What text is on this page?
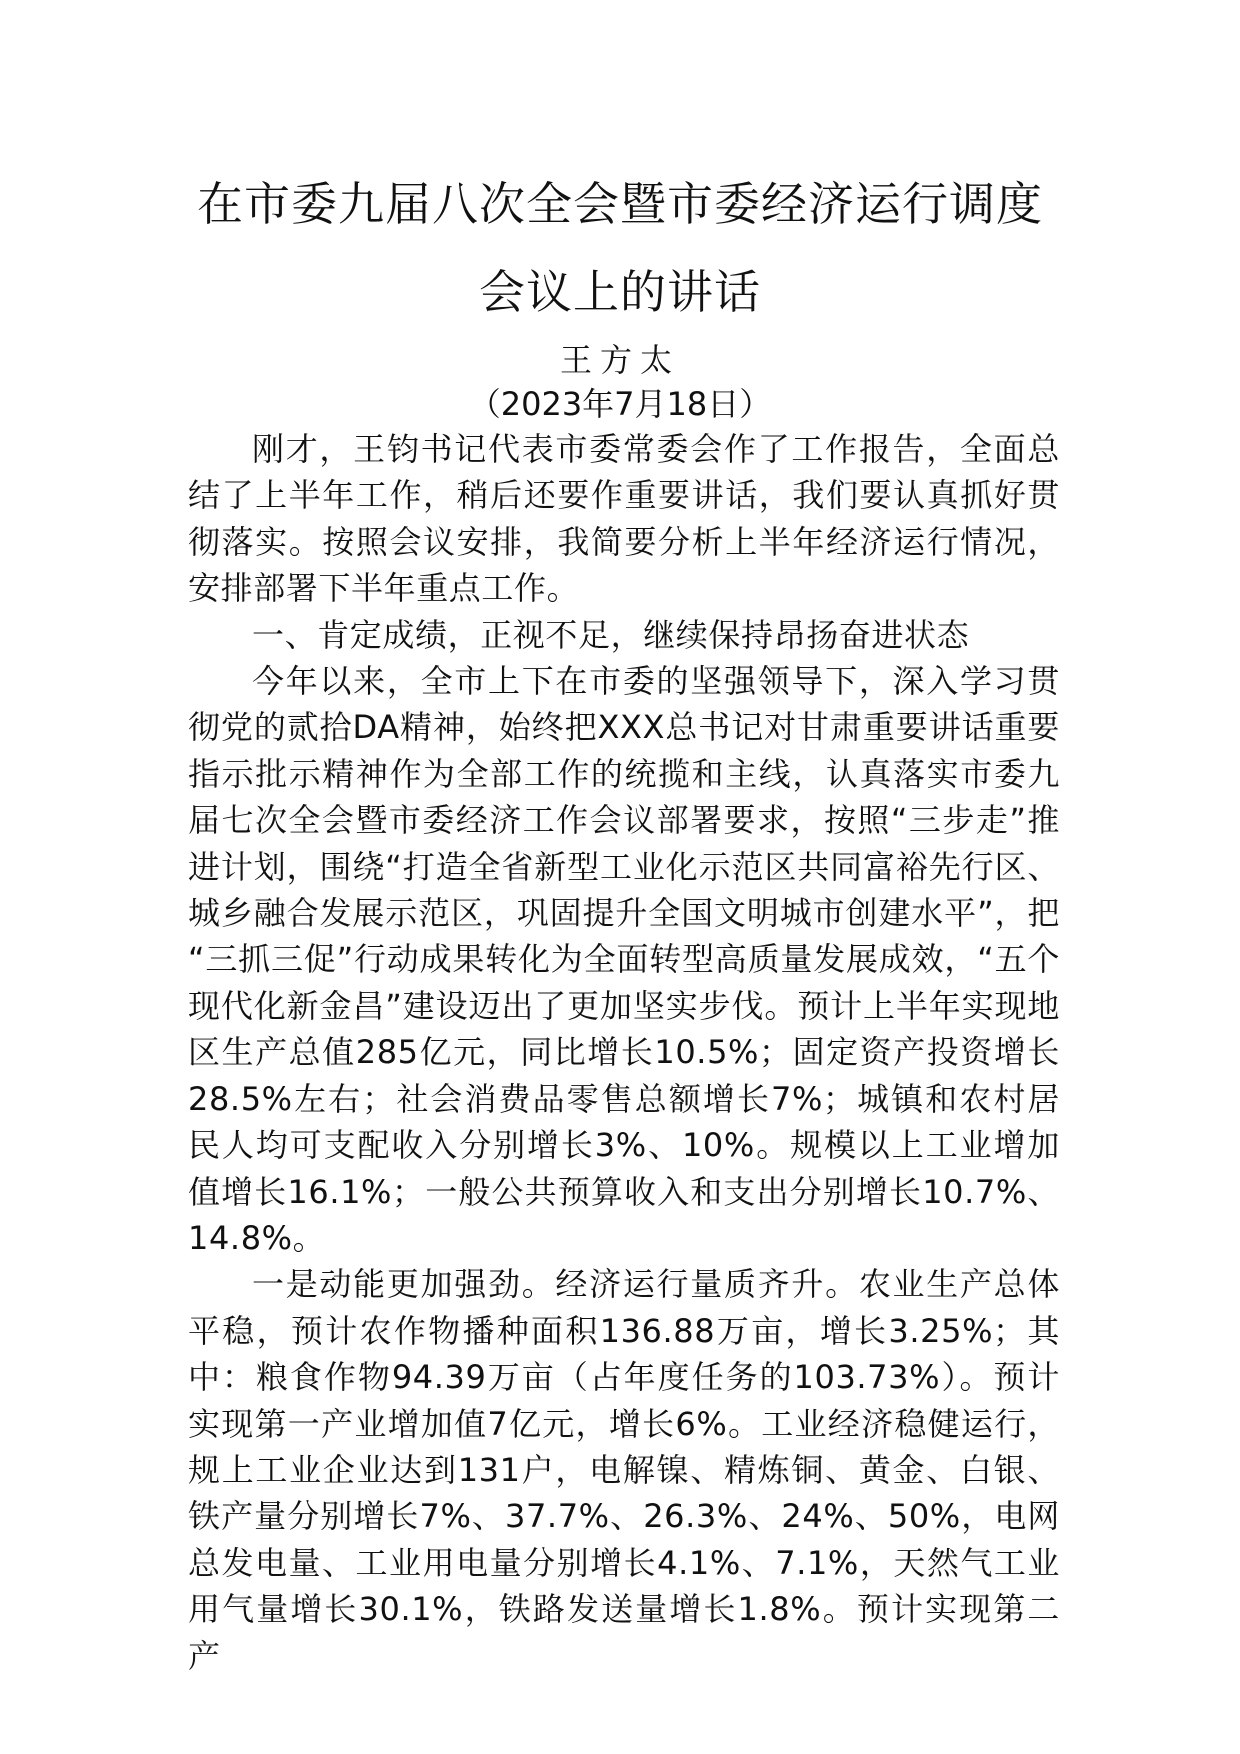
在市委九届八次全会暨市委经济运行调度
会议上的讲话
王方太
（2023年7月18日）

刚才，王钧书记代表市委常委会作了工作报告，全面总结了上半年工作，稍后还要作重要讲话，我们要认真抓好贯彻落实。按照会议安排，我简要分析上半年经济运行情况，安排部署下半年重点工作。

一、肯定成绩，正视不足，继续保持昂扬奋进状态

今年以来，全市上下在市委的坚强领导下，深入学习贯彻党的贰拾DA精神，始终把XXX总书记对甘肃重要讲话重要指示批示精神作为全部工作的统揽和主线，认真落实市委九届七次全会暨市委经济工作会议部署要求，按照“三步走”推进计划，围绕“打造全省新型工业化示范区共同富裕先行区、城乡融合发展示范区，巩固提升全国文明城市创建水平”，把“三抓三促”行动成果转化为全面转型高质量发展成效，“五个现代化新金昌”建设迈出了更加坚实步伐。预计上半年实现地区生产总值285亿元，同比增长10.5%；固定资产投资增长28.5%左右；社会消费品零售总额增长7%；城镇和农村居民人均可支配收入分别增长3%、10%。规模以上工业增加值增长16.1%；一般公共预算收入和支出分别增长10.7%、14.8%。

一是动能更加强劲。经济运行量质齐升。农业生产总体平稳，预计农作物播种面积136.88万亩，增长3.25%；其中：粮食作物94.39万亩（占年度任务的103.73%）。预计实现第一产业增加值7亿元，增长6%。工业经济稳健运行，规上工业企业达到131户，电解镍、精炼铜、黄金、白银、铁产量分别增长7%、37.7%、26.3%、24%、50%，电网总发电量、工业用电量分别增长4.1%、7.1%，天然气工业用气量增长30.1%，铁路发送量增长1.8%。预计实现第二产
